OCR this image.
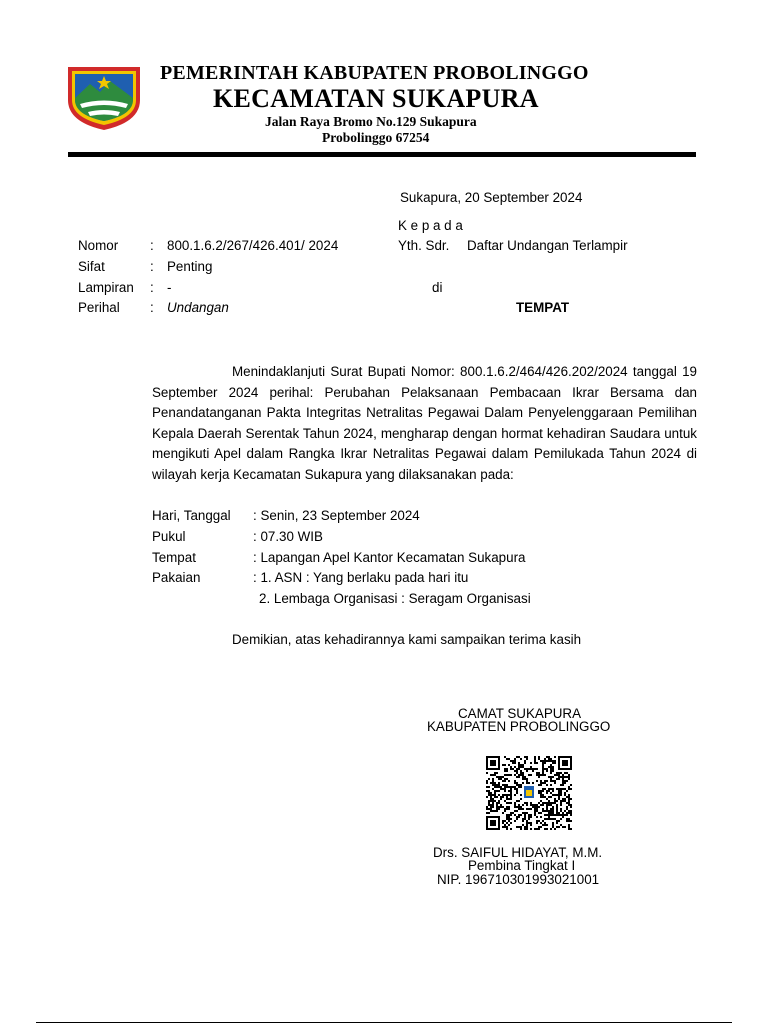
PEMERINTAH KABUPATEN PROBOLINGGO
KECAMATAN SUKAPURA
Jalan Raya Bromo No.129 Sukapura
Probolinggo 67254
Sukapura, 20 September 2024
K e p a d a
Yth. Sdr. Daftar Undangan Terlampir
di
TEMPAT
Nomor : 800.1.6.2/267/426.401/ 2024
Sifat	: Penting
Lampiran : -
Perihal : Undangan
Menindaklanjuti Surat Bupati Nomor: 800.1.6.2/464/426.202/2024 tanggal 19 September 2024 perihal: Perubahan Pelaksanaan Pembacaan Ikrar Bersama dan Penandatanganan Pakta Integritas Netralitas Pegawai Dalam Penyelenggaraan Pemilihan Kepala Daerah Serentak Tahun 2024, mengharap dengan hormat kehadiran Saudara untuk mengikuti Apel dalam Rangka Ikrar Netralitas Pegawai dalam Pemilukada Tahun 2024 di wilayah kerja Kecamatan Sukapura yang dilaksanakan pada:
Hari, Tanggal : Senin, 23 September 2024
Pukul	: 07.30 WIB
Tempat	: Lapangan Apel Kantor Kecamatan Sukapura
Pakaian	: 1. ASN : Yang berlaku pada hari itu
2. Lembaga Organisasi : Seragam Organisasi
Demikian, atas kehadirannya kami sampaikan terima kasih
CAMAT SUKAPURA
KABUPATEN PROBOLINGGO
Drs. SAIFUL HIDAYAT, M.M.
Pembina Tingkat I
NIP. 196710301993021001
